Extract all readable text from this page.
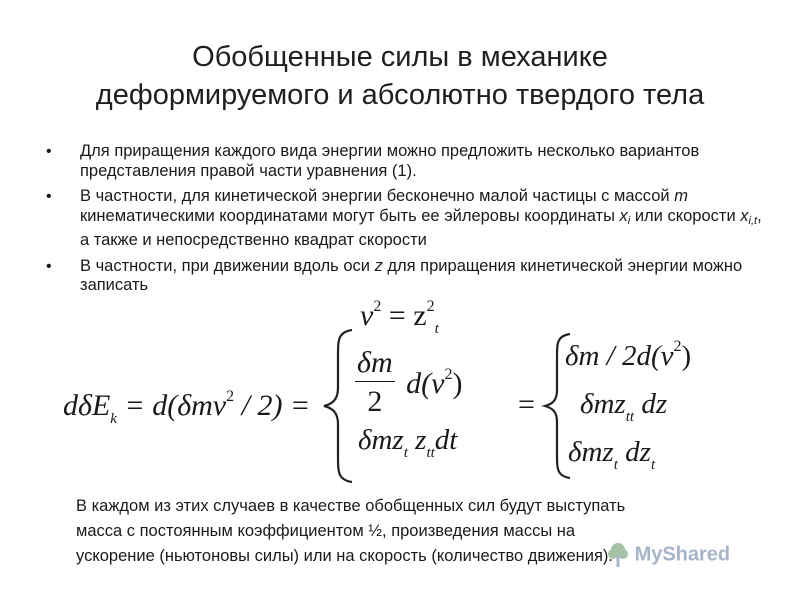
Обобщенные силы в механике
деформируемого и абсолютно твердого тела
• Для приращения каждого вида энергии можно предложить несколько вариантов представления правой части уравнения (1).
• В частности, для кинетической энергии бесконечно малой частицы с массой m кинематическими координатами могут быть ее эйлеровы координаты $x_i$ или скорости $x_{i,t}$, а также и непосредственно квадрат скорости
• В частности, при движении вдоль оси z для приращения кинетической энергии можно записать
$v^2 = z^2_t$
$d\delta E_k = d(\delta mv^2 / 2) = \frac{\delta m}{2} d(v^2)$
δmz$_t$ $z_{tt}dt$
=
δm / $2d(v^2)$
δmz$_{tt}$ dz
δmz$_t$ $dz_t$
В каждом из этих случаев в качестве обобщенных сил будут выступать
масса с постоянным коэффициентом ½, произведения массы на
ускорение (ньютоновы силы) или на скорость (количество движения).	MyShared
